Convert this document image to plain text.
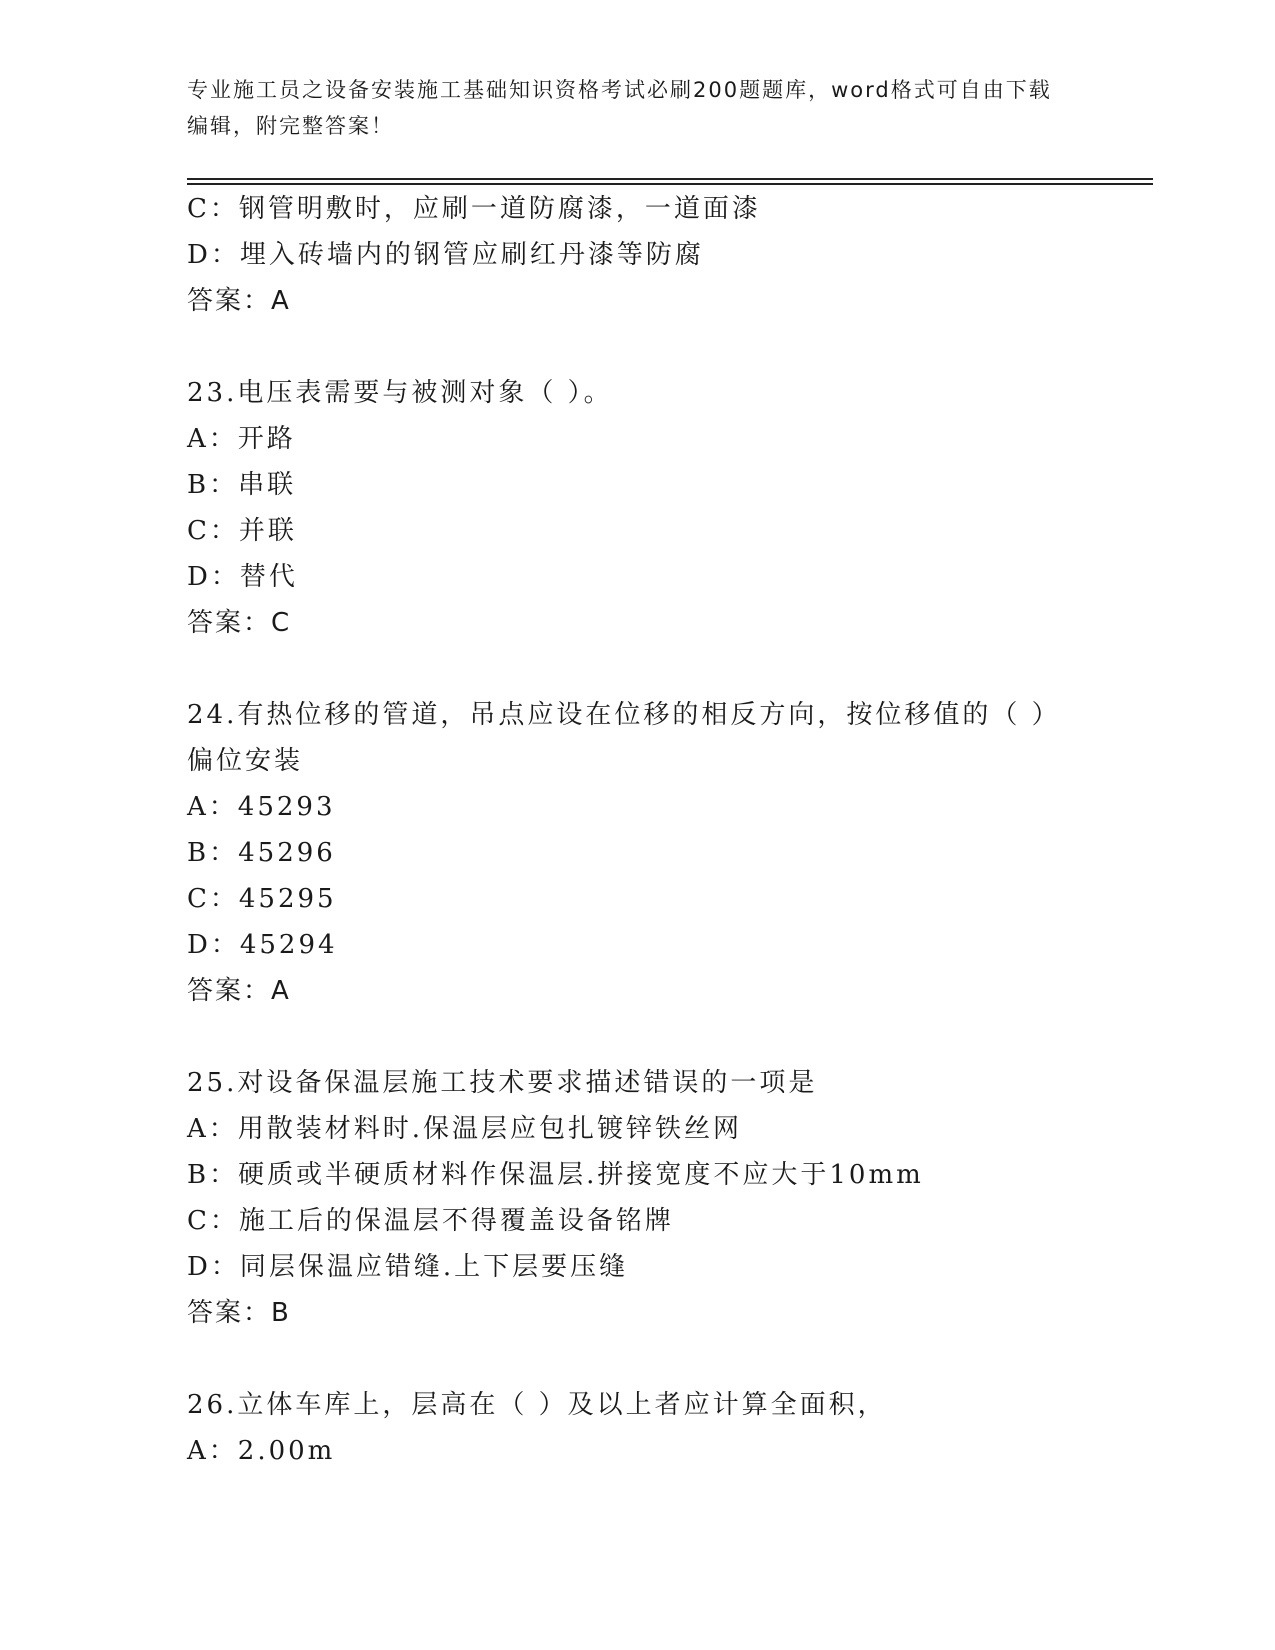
专业施工员之设备安装施工基础知识资格考试必刷200题题库，word格式可自由下载编辑，附完整答案！
C：钢管明敷时，应刷一道防腐漆，一道面漆
D：埋入砖墙内的钢管应刷红丹漆等防腐
答案：A
23.电压表需要与被测对象（ ）。
A：开路
B：串联
C：并联
D：替代
答案：C
24.有热位移的管道，吊点应设在位移的相反方向，按位移值的（ ）偏位安装
A：45293
B：45296
C：45295
D：45294
答案：A
25.对设备保温层施工技术要求描述错误的一项是
A：用散装材料时.保温层应包扎镀锌铁丝网
B：硬质或半硬质材料作保温层.拼接宽度不应大于10mm
C：施工后的保温层不得覆盖设备铭牌
D：同层保温应错缝.上下层要压缝
答案：B
26.立体车库上，层高在（ ）及以上者应计算全面积，
A：2.00m
